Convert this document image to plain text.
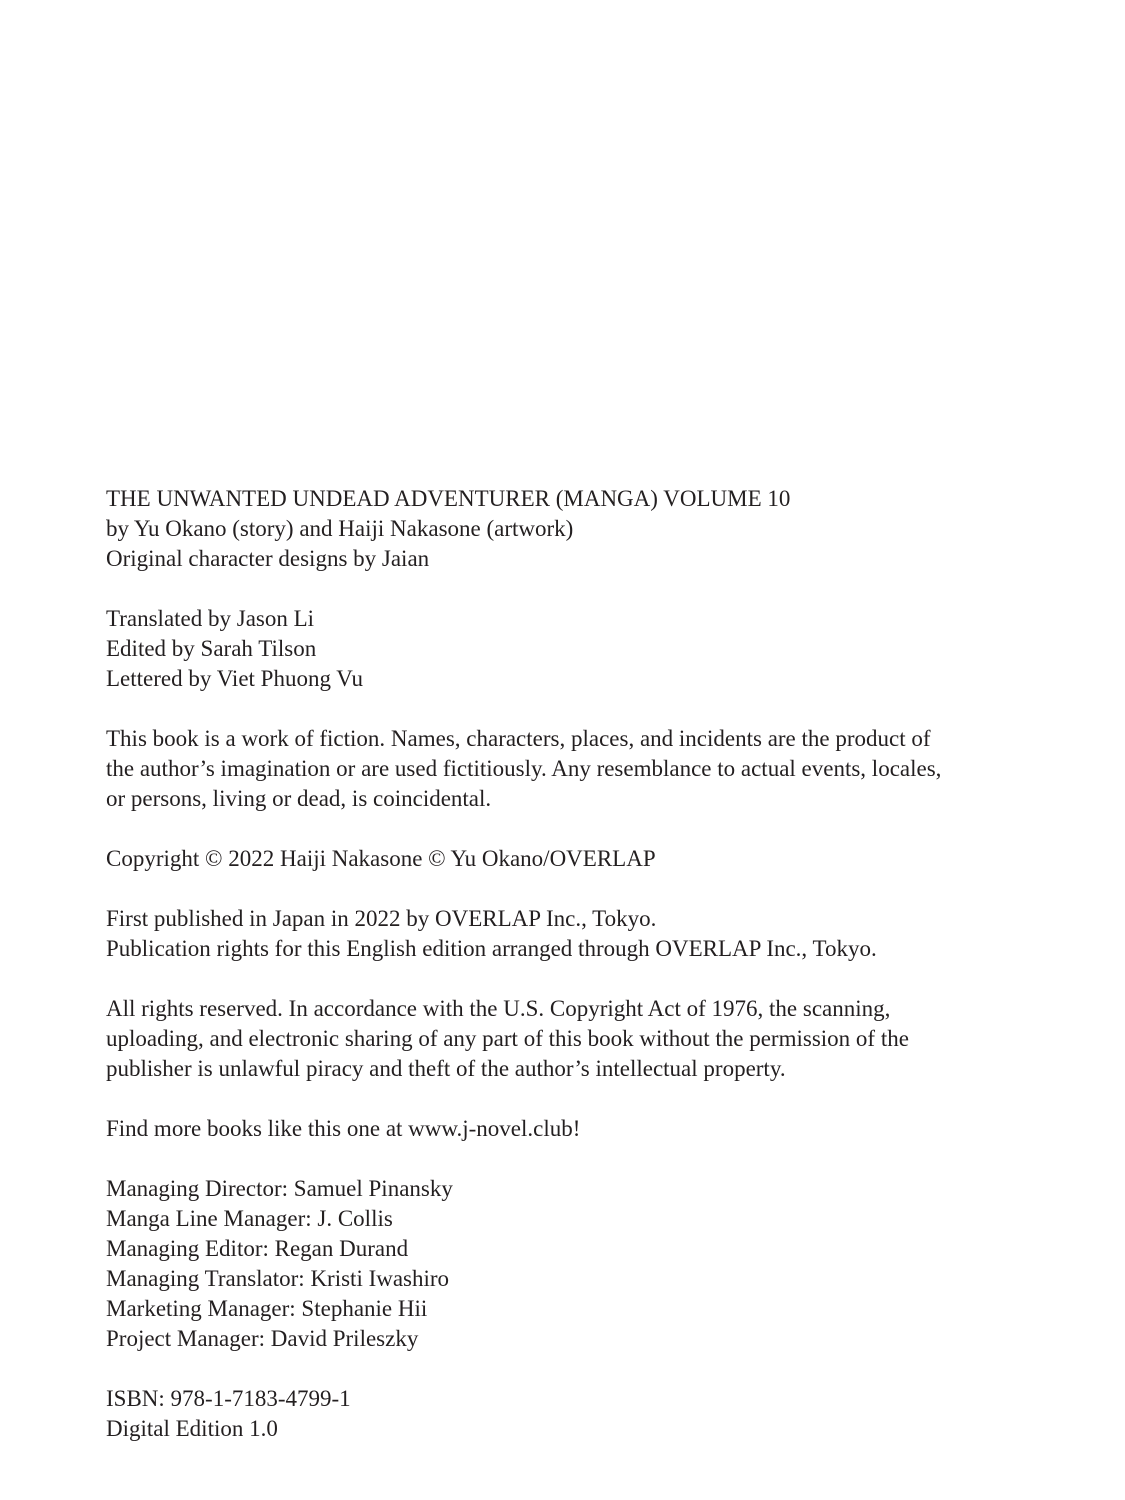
THE UNWANTED UNDEAD ADVENTURER (MANGA) VOLUME 10
by Yu Okano (story) and Haiji Nakasone (artwork)
Original character designs by Jaian
Translated by Jason Li
Edited by Sarah Tilson
Lettered by Viet Phuong Vu
This book is a work of fiction. Names, characters, places, and incidents are the product of
the author’s imagination or are used fictitiously. Any resemblance to actual events, locales,
or persons, living or dead, is coincidental.
Copyright © 2022 Haiji Nakasone © Yu Okano/OVERLAP
First published in Japan in 2022 by OVERLAP Inc., Tokyo.
Publication rights for this English edition arranged through OVERLAP Inc., Tokyo.
All rights reserved. In accordance with the U.S. Copyright Act of 1976, the scanning,
uploading, and electronic sharing of any part of this book without the permission of the
publisher is unlawful piracy and theft of the author’s intellectual property.
Find more books like this one at www.j-novel.club!
Managing Director: Samuel Pinansky
Manga Line Manager: J. Collis
Managing Editor: Regan Durand
Managing Translator: Kristi Iwashiro
Marketing Manager: Stephanie Hii
Project Manager: David Prileszky
ISBN: 978-1-7183-4799-1
Digital Edition 1.0
